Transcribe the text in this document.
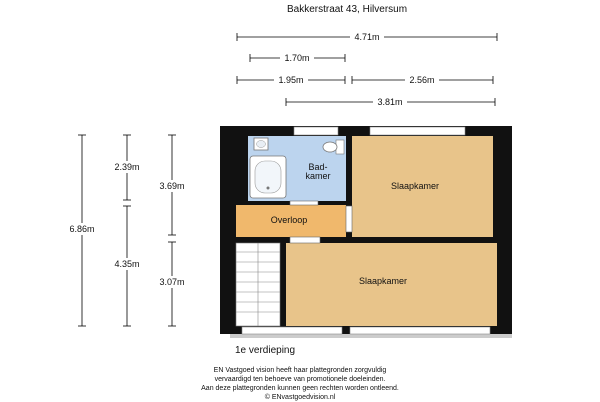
Bakkerstraat 43, Hilversum
4.71m
1.70m
1.95m	2.56m
3.81m
6.86m
2.39m
4.35m
3.69m
3.07m
Bad-
kamer
Slaapkamer
Overloop
Slaapkamer
1e verdieping
EN Vastgoed vision heeft haar plattegronden zorgvuldig
vervaardigd ten behoeve van promotionele doeleinden.
Aan deze plattegronden kunnen geen rechten worden ontleend.
© ENvastgoedvision.nl
